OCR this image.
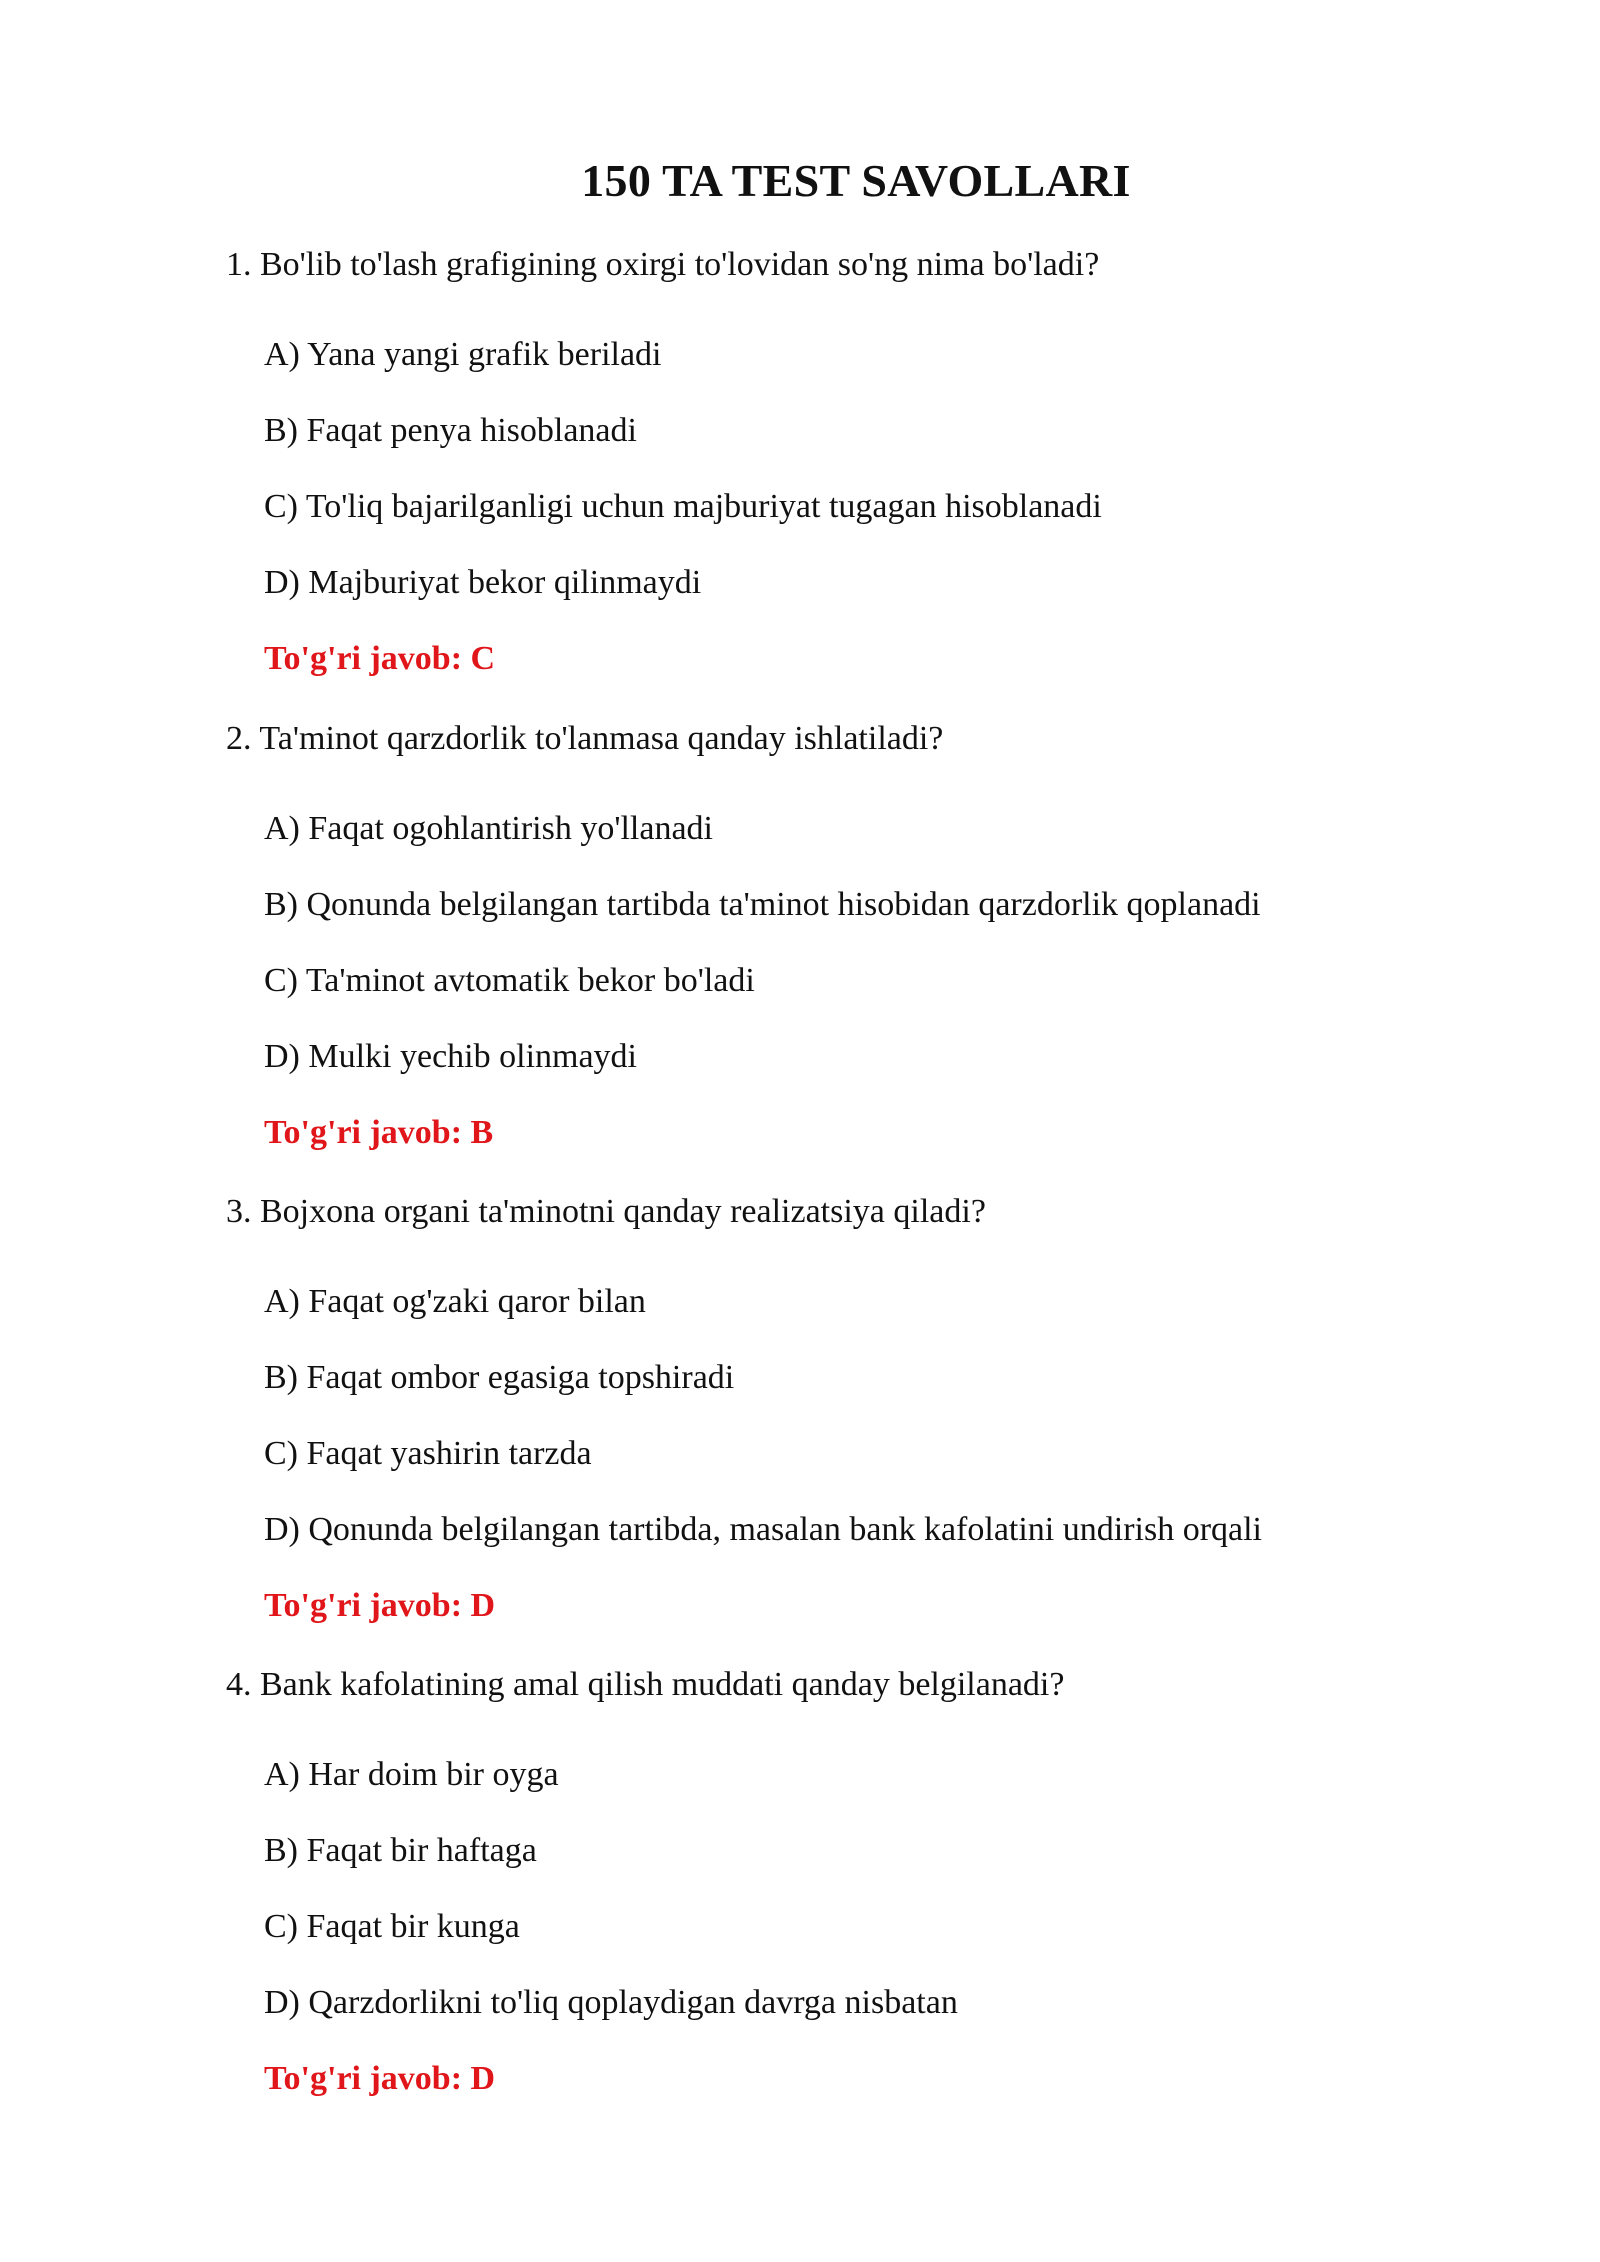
150 TA TEST SAVOLLARI

1. Bo'lib to'lash grafigining oxirgi to'lovidan so'ng nima bo'ladi?

A) Yana yangi grafik beriladi
B) Faqat penya hisoblanadi
C) To'liq bajarilganligi uchun majburiyat tugagan hisoblanadi
D) Majburiyat bekor qilinmaydi

To'g'ri javob: C

2. Ta'minot qarzdorlik to'lanmasa qanday ishlatiladi?

A) Faqat ogohlantirish yo'llanadi
B) Qonunda belgilangan tartibda ta'minot hisobidan qarzdorlik qoplanadi
C) Ta'minot avtomatik bekor bo'ladi
D) Mulki yechib olinmaydi

To'g'ri javob: B

3. Bojxona organi ta'minotni qanday realizatsiya qiladi?

A) Faqat og'zaki qaror bilan
B) Faqat ombor egasiga topshiradi
C) Faqat yashirin tarzda
D) Qonunda belgilangan tartibda, masalan bank kafolatini undirish orqali

To'g'ri javob: D

4. Bank kafolatining amal qilish muddati qanday belgilanadi?

A) Har doim bir oyga
B) Faqat bir haftaga
C) Faqat bir kunga
D) Qarzdorlikni to'liq qoplaydigan davrga nisbatan

To'g'ri javob: D
